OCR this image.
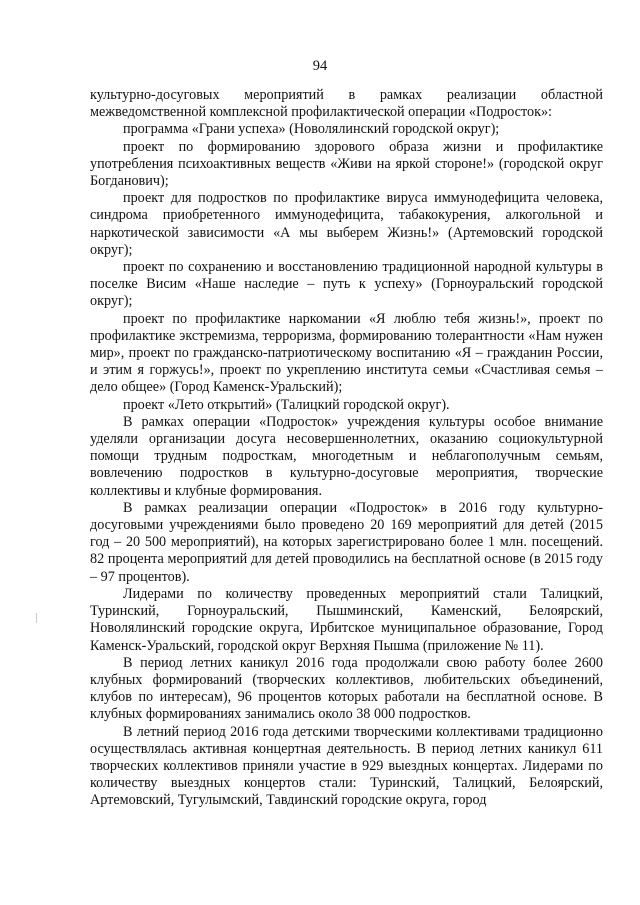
94

культурно-досуговых мероприятий в рамках реализации областной межведомственной комплексной профилактической операции «Подросток»:

программа «Грани успеха» (Новолялинский городской округ);

проект по формированию здорового образа жизни и профилактике употребления психоактивных веществ «Живи на яркой стороне!» (городской округ Богданович);

проект для подростков по профилактике вируса иммунодефицита человека, синдрома приобретенного иммунодефицита, табакокурения, алкогольной и наркотической зависимости «А мы выберем Жизнь!» (Артемовский городской округ);

проект по сохранению и восстановлению традиционной народной культуры в поселке Висим «Наше наследие – путь к успеху» (Горноуральский городской округ);

проект по профилактике наркомании «Я люблю тебя жизнь!», проект по профилактике экстремизма, терроризма, формированию толерантности «Нам нужен мир», проект по гражданско-патриотическому воспитанию «Я – гражданин России, и этим я горжусь!», проект по укреплению института семьи «Счастливая семья – дело общее» (Город Каменск-Уральский);

проект «Лето открытий» (Талицкий городской округ).

В рамках операции «Подросток» учреждения культуры особое внимание уделяли организации досуга несовершеннолетних, оказанию социокультурной помощи трудным подросткам, многодетным и неблагополучным семьям, вовлечению подростков в культурно-досуговые мероприятия, творческие коллективы и клубные формирования.

В рамках реализации операции «Подросток» в 2016 году культурно-досуговыми учреждениями было проведено 20 169 мероприятий для детей (2015 год – 20 500 мероприятий), на которых зарегистрировано более 1 млн. посещений. 82 процента мероприятий для детей проводились на бесплатной основе (в 2015 году – 97 процентов).

Лидерами по количеству проведенных мероприятий стали Талицкий, Туринский, Горноуральский, Пышминский, Каменский, Белоярский, Новолялинский городские округа, Ирбитское муниципальное образование, Город Каменск-Уральский, городской округ Верхняя Пышма (приложение № 11).

В период летних каникул 2016 года продолжали свою работу более 2600 клубных формирований (творческих коллективов, любительских объединений, клубов по интересам), 96 процентов которых работали на бесплатной основе. В клубных формированиях занимались около 38 000 подростков.

В летний период 2016 года детскими творческими коллективами традиционно осуществлялась активная концертная деятельность. В период летних каникул 611 творческих коллективов приняли участие в 929 выездных концертах. Лидерами по количеству выездных концертов стали: Туринский, Талицкий, Белоярский, Артемовский, Тугулымский, Тавдинский городские округа, город
